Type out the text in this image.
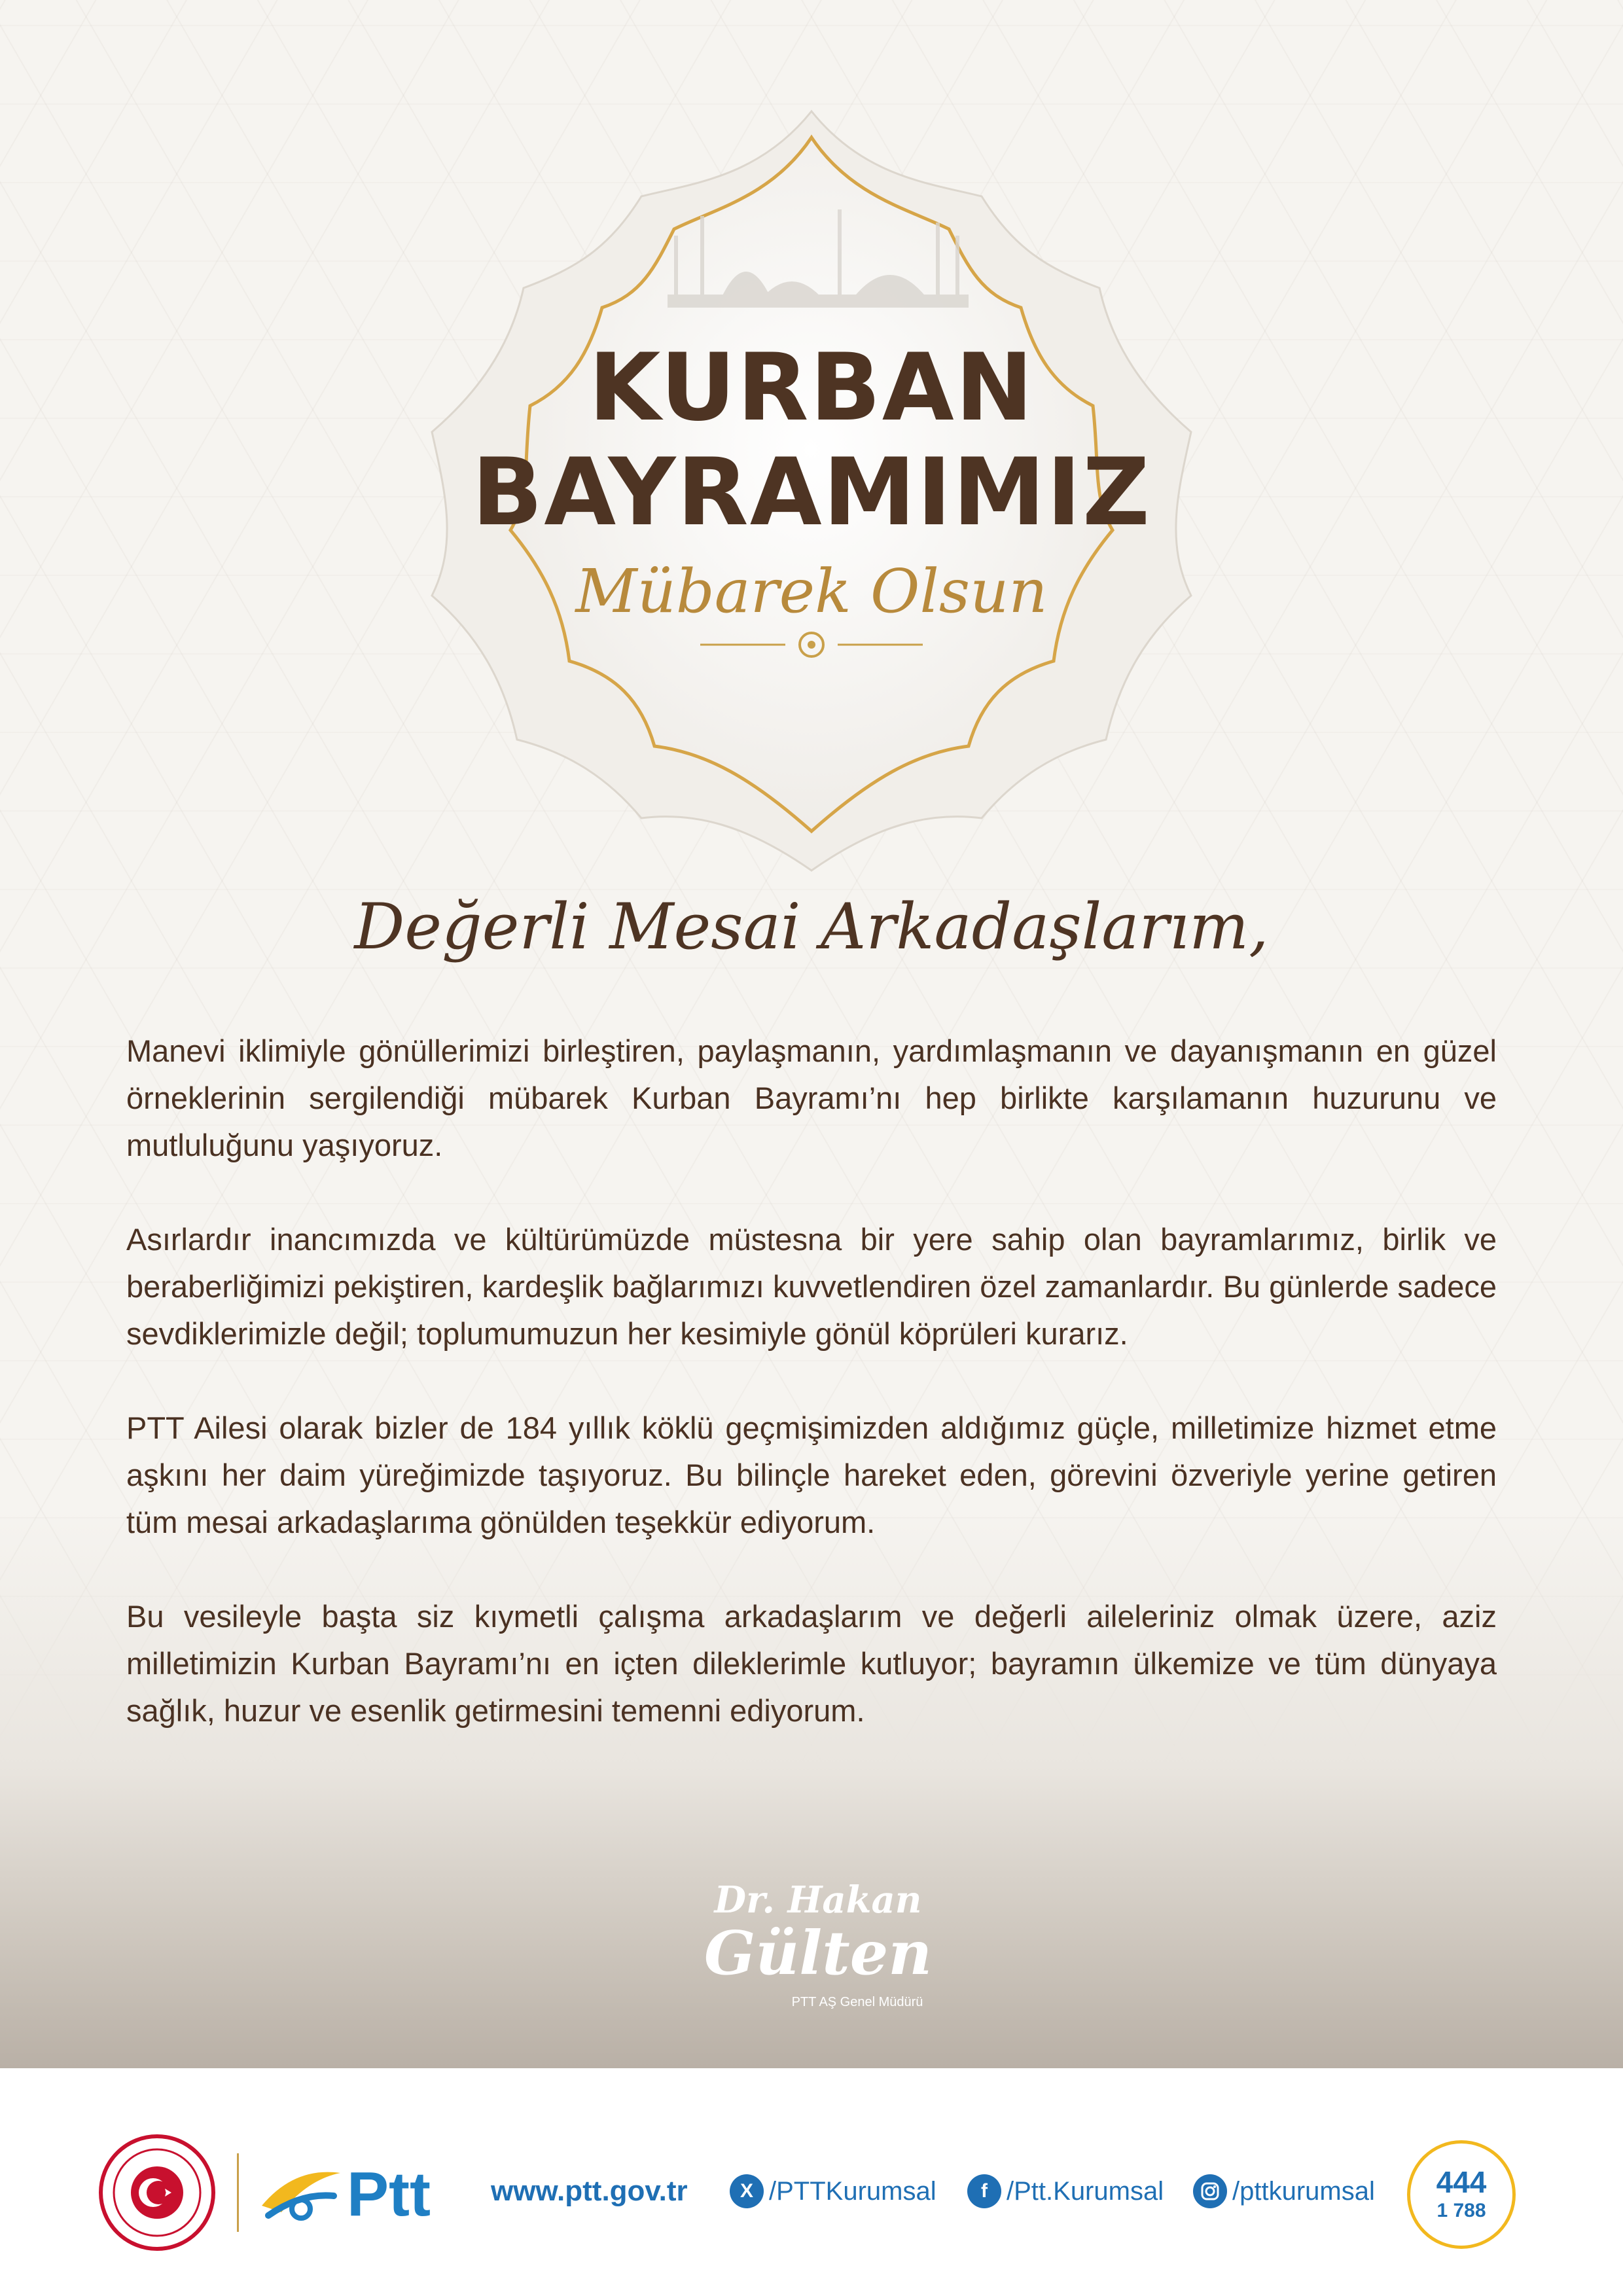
KURBAN
BAYRAMIMIZ
Mübarek Olsun
Değerli Mesai Arkadaşlarım,

Manevi iklimiyle gönüllerimizi birleştiren, paylaşmanın, yardımlaşmanın ve dayanışmanın en güzel örneklerinin sergilendiği mübarek Kurban Bayramı’nı hep birlikte karşılamanın huzurunu ve mutluluğunu yaşıyoruz.

Asırlardır inancımızda ve kültürümüzde müstesna bir yere sahip olan bayramlarımız, birlik ve beraberliğimizi pekiştiren, kardeşlik bağlarımızı kuvvetlendiren özel zamanlardır. Bu günlerde sadece sevdiklerimizle değil; toplumumuzun her kesimiyle gönül köprüleri kurarız.

PTT Ailesi olarak bizler de 184 yıllık köklü geçmişimizden aldığımız güçle, milletimize hizmet etme aşkını her daim yüreğimizde taşıyoruz. Bu bilinçle hareket eden, görevini özveriyle yerine getiren tüm mesai arkadaşlarıma gönülden teşekkür ediyorum.

Bu vesileyle başta siz kıymetli çalışma arkadaşlarım ve değerli aileleriniz olmak üzere, aziz milletimizin Kurban Bayramı’nı en içten dileklerimle kutluyor; bayramın ülkemize ve tüm dünyaya sağlık, huzur ve esenlik getirmesini temenni ediyorum.

Dr. Hakan
Gülten
PTT AŞ Genel Müdürü
Ptt www.ptt.gov.tr	X /PTTKurumsal	f /Ptt.Kurumsal	/pttkurumsal	444
1 788
